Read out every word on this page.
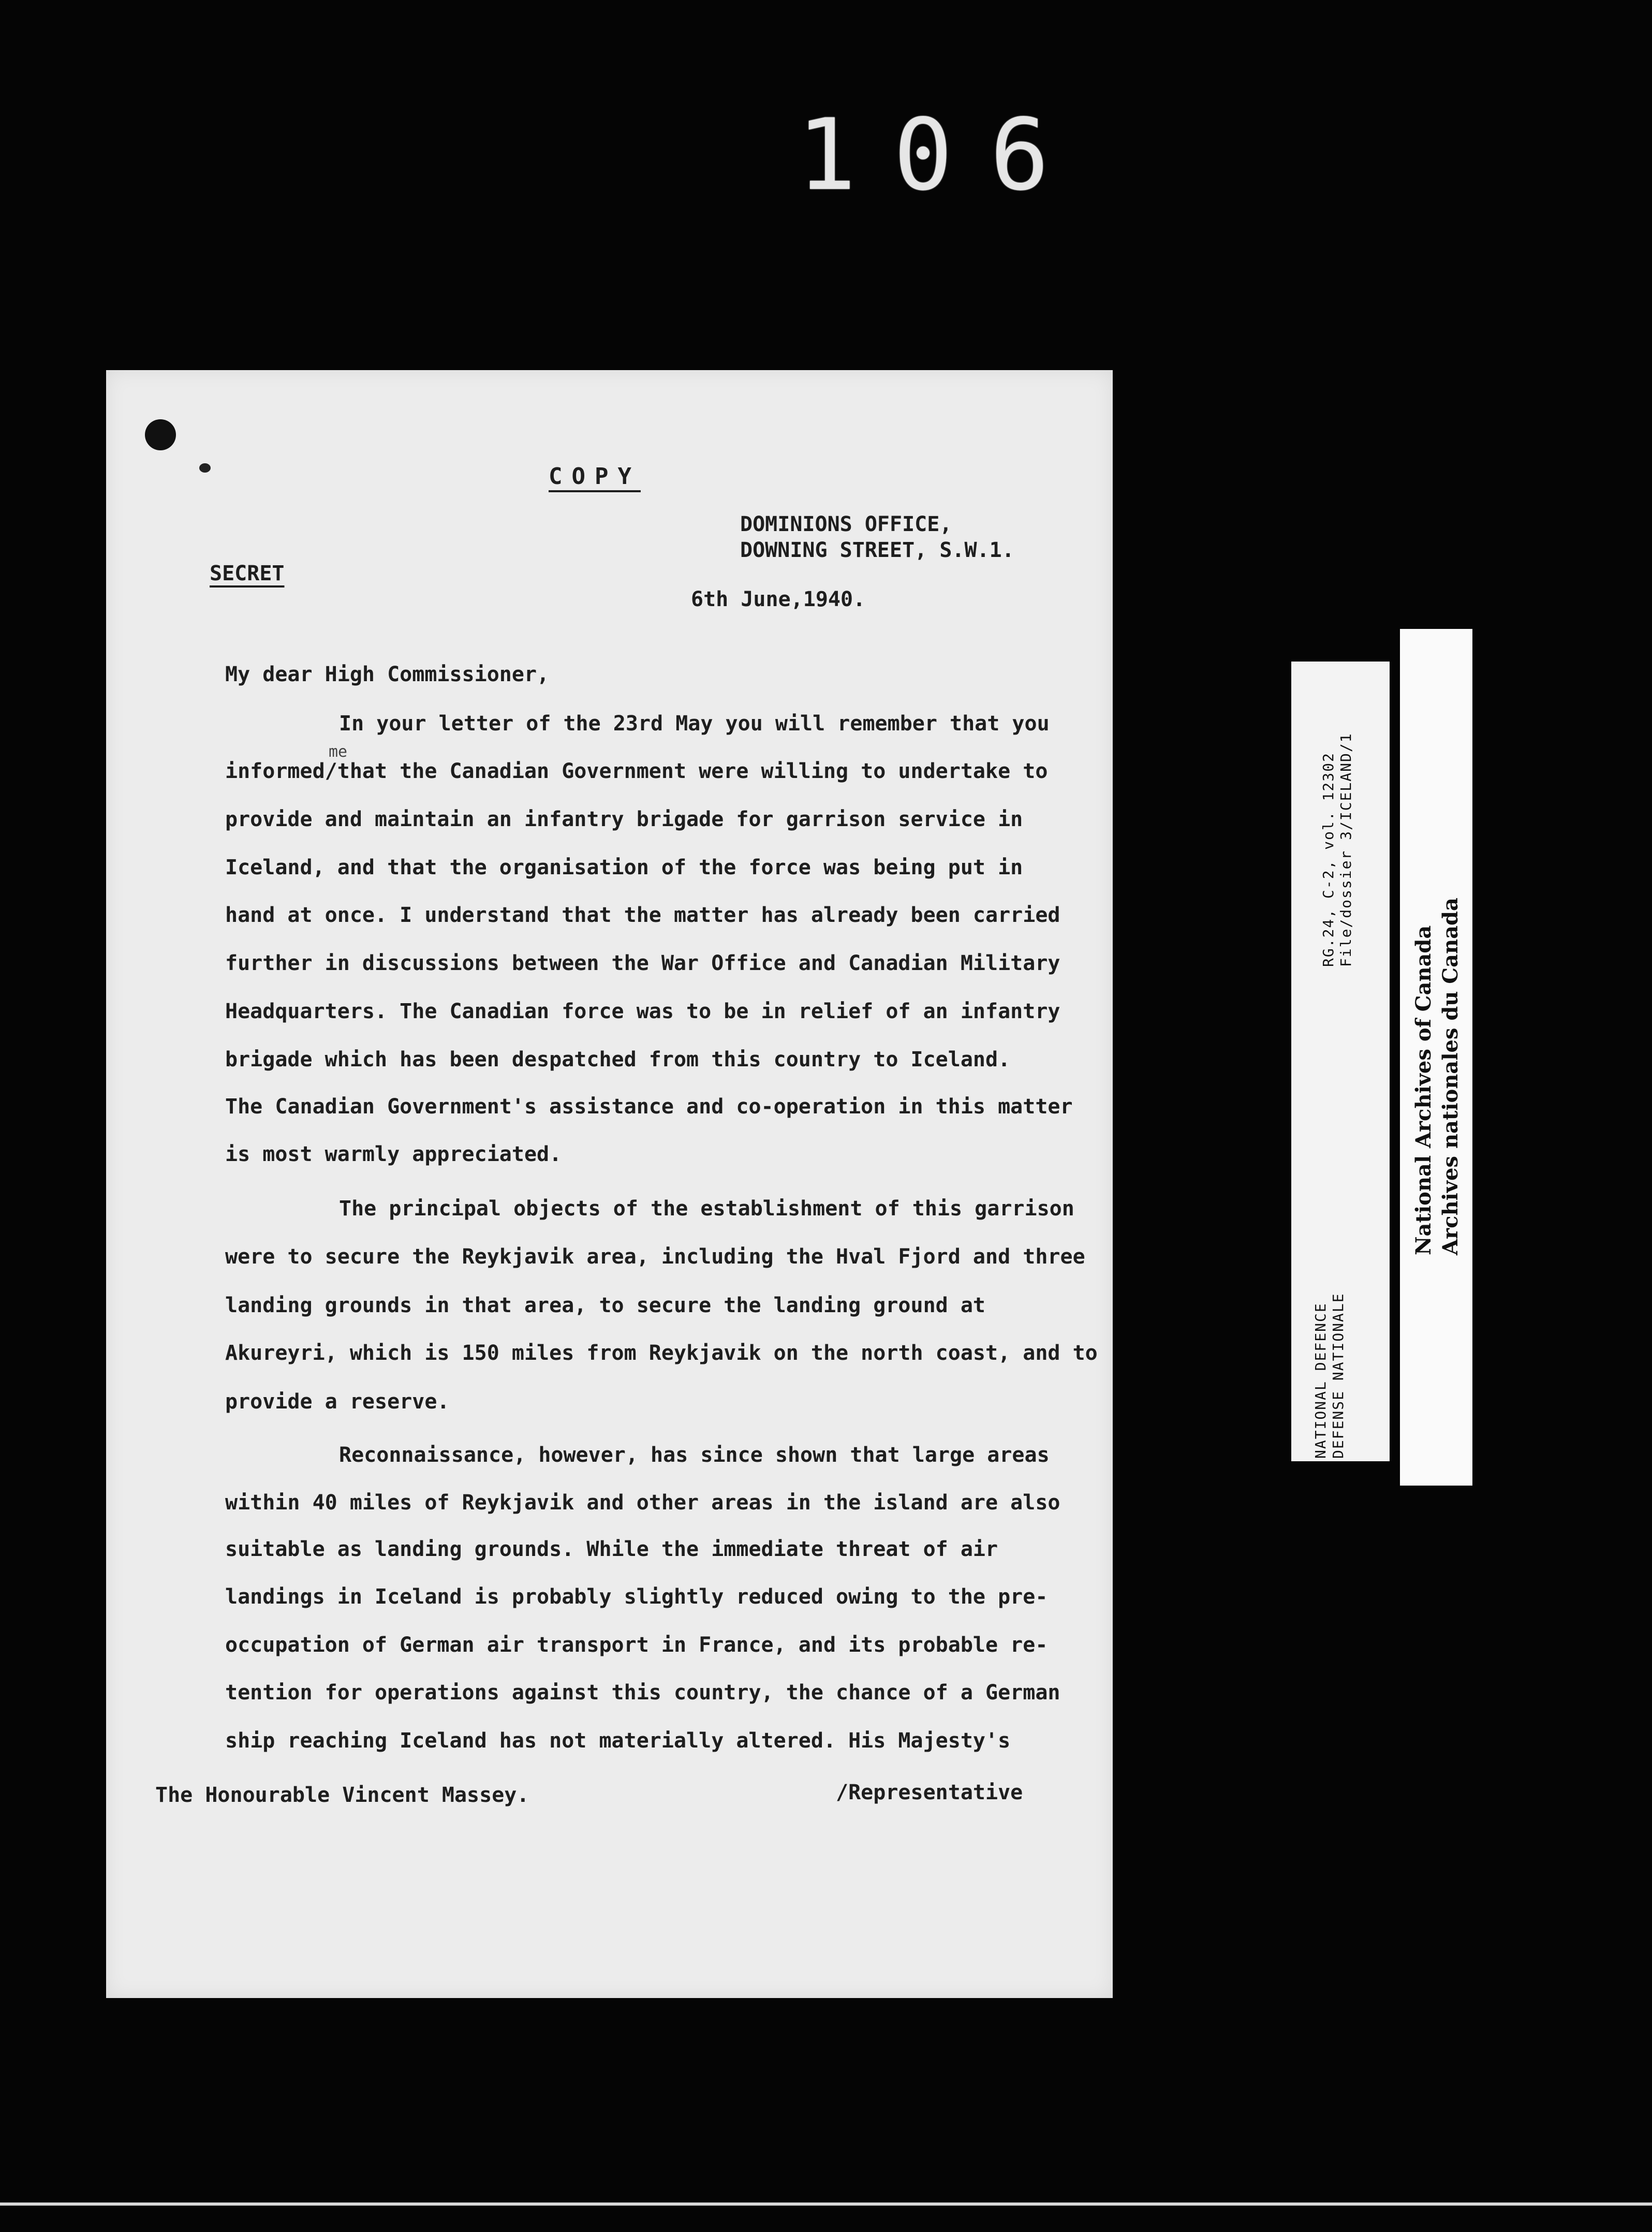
106
COPY
DOMINIONS OFFICE,
DOWNING STREET, S.W.1.
SECRET
6th June,1940.
My dear High Commissioner,
me
In your letter of the 23rd May you will remember that you
informed/that the Canadian Government were willing to undertake to
provide and maintain an infantry brigade for garrison service in
Iceland, and that the organisation of the force was being put in
hand at once. I understand that the matter has already been carried
further in discussions between the War Office and Canadian Military
Headquarters. The Canadian force was to be in relief of an infantry
brigade which has been despatched from this country to Iceland.
The Canadian Government's assistance and co-operation in this matter
is most warmly appreciated.
The principal objects of the establishment of this garrison
were to secure the Reykjavik area, including the Hval Fjord and three
landing grounds in that area, to secure the landing ground at
Akureyri, which is 150 miles from Reykjavik on the north coast, and to
provide a reserve.
Reconnaissance, however, has since shown that large areas
within 40 miles of Reykjavik and other areas in the island are also
suitable as landing grounds. While the immediate threat of air
landings in Iceland is probably slightly reduced owing to the pre-
occupation of German air transport in France, and its probable re-
tention for operations against this country, the chance of a German
ship reaching Iceland has not materially altered. His Majesty's
The Honourable Vincent Massey.	/Representative
NATIONAL DEFENCE DEFENSE NATIONALE
RG.24, C-2, vol. 12302 File/dossier 3/ICELAND/1
National Archives of Canada Archives nationales du Canada
